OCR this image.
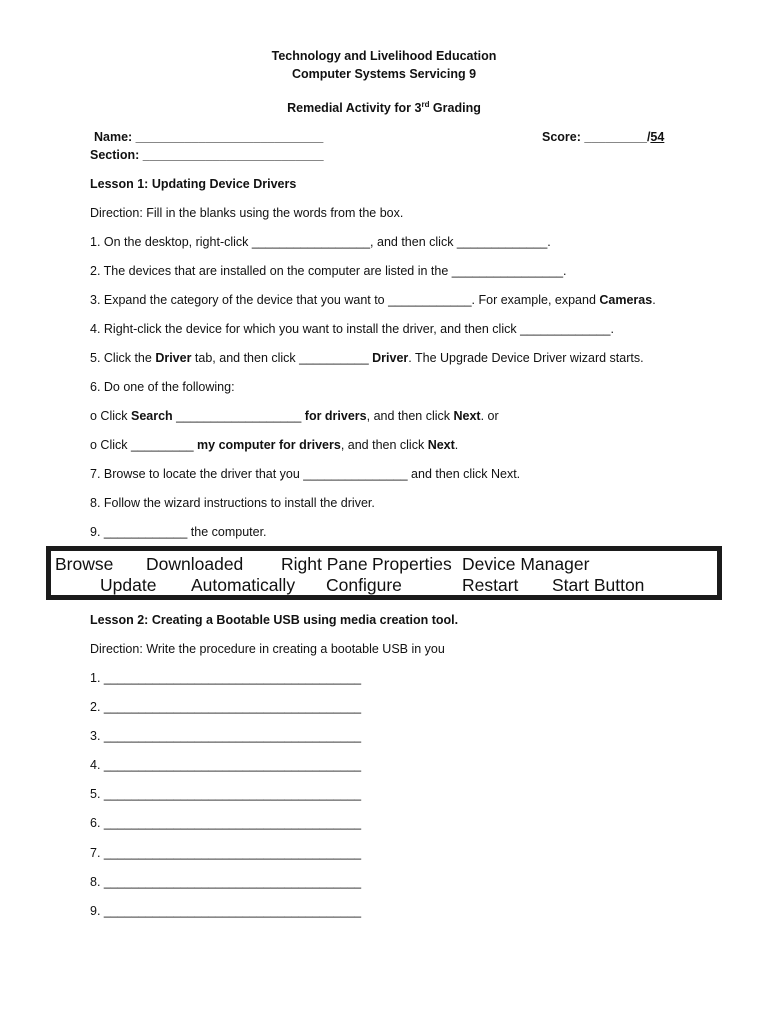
Technology and Livelihood Education
Computer Systems Servicing 9
Remedial Activity for 3rd Grading
Name: ___________________________
Section: __________________________
Score: _________/54
Lesson 1: Updating Device Drivers
Direction: Fill in the blanks using the words from the box.
1. On the desktop, right-click _________________, and then click _____________.
2. The devices that are installed on the computer are listed in the ________________.
3. Expand the category of the device that you want to ____________. For example, expand Cameras.
4. Right-click the device for which you want to install the driver, and then click _____________.
5. Click the Driver tab, and then click __________ Driver. The Upgrade Device Driver wizard starts.
6. Do one of the following:
o Click Search __________________ for drivers, and then click Next. or
o Click _________ my computer for drivers, and then click Next.
7. Browse to locate the driver that you _______________ and then click Next.
8. Follow the wizard instructions to install the driver.
9. ____________ the computer.
Browse Downloaded Right Pane Properties Device Manager
Update Automatically Configure	Restart Start Button
Lesson 2: Creating a Bootable USB using media creation tool.
Direction: Write the procedure in creating a bootable USB in you
1. _____________________________________
2. _____________________________________
3. _____________________________________
4. _____________________________________
5. _____________________________________
6. _____________________________________
7. _____________________________________
8. _____________________________________
9. _____________________________________
